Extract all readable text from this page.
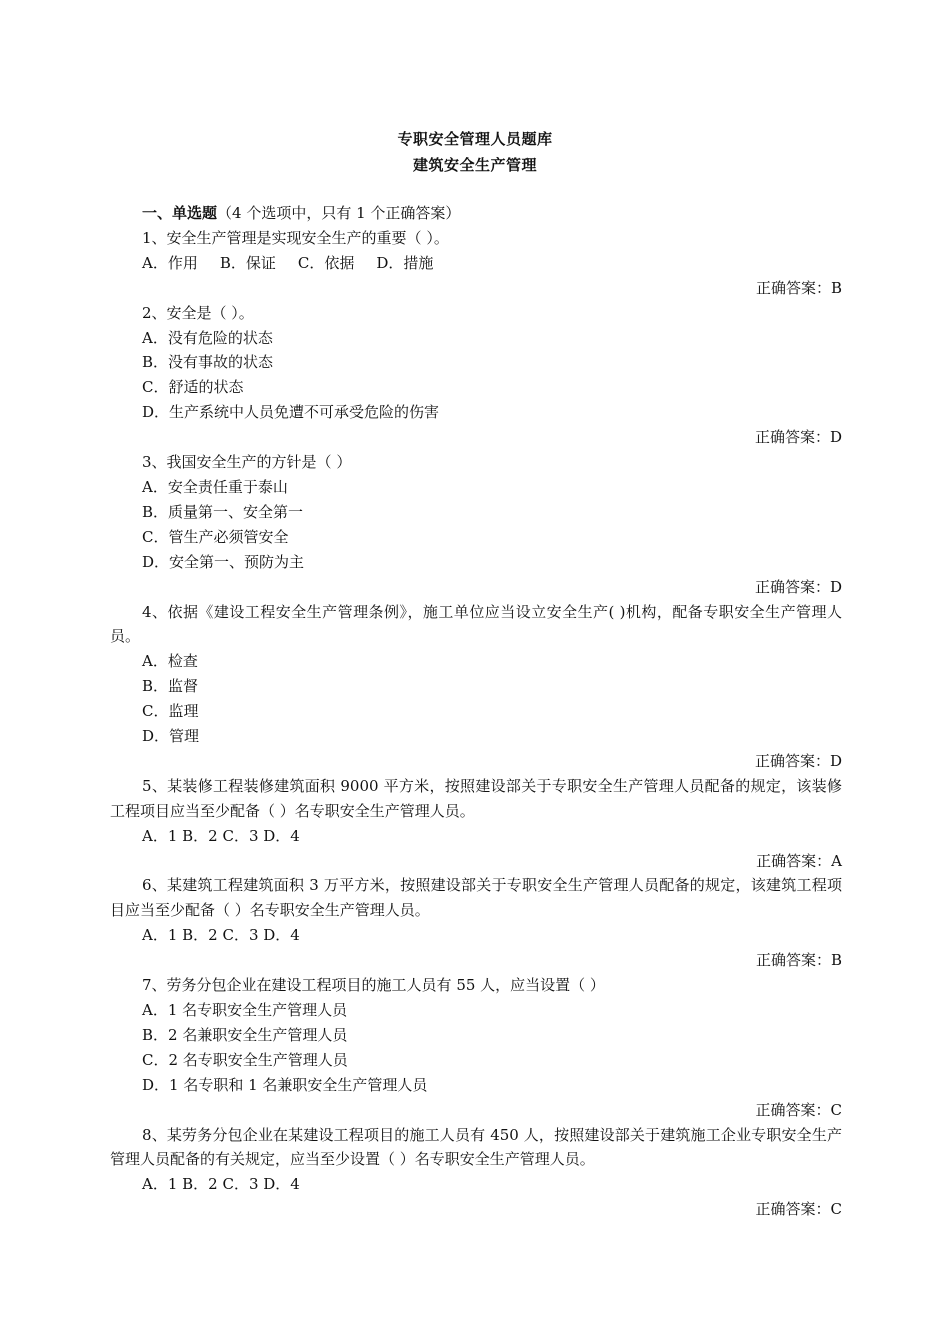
专职安全管理人员题库
建筑安全生产管理
一、单选题（4 个选项中，只有 1 个正确答案）
1、安全生产管理是实现安全生产的重要（ ）。
A．作用 B．保证 C．依据 D．措施
正确答案：B
2、安全是（ ）。
A．没有危险的状态
B．没有事故的状态
C．舒适的状态
D．生产系统中人员免遭不可承受危险的伤害
正确答案：D
3、我国安全生产的方针是（ ）
A．安全责任重于泰山
B．质量第一、安全第一
C．管生产必须管安全
D．安全第一、预防为主
正确答案：D
4、依据《建设工程安全生产管理条例》，施工单位应当设立安全生产( )机构，配备专职安全生产管理人员。
A．检查
B．监督
C．监理
D．管理
正确答案：D
5、某装修工程装修建筑面积 9000 平方米，按照建设部关于专职安全生产管理人员配备的规定，该装修工程项目应当至少配备（ ）名专职安全生产管理人员。
A．1 B．2 C．3 D．4
正确答案：A
6、某建筑工程建筑面积 3 万平方米，按照建设部关于专职安全生产管理人员配备的规定，该建筑工程项目应当至少配备（ ）名专职安全生产管理人员。
A．1 B．2 C．3 D．4
正确答案：B
7、劳务分包企业在建设工程项目的施工人员有 55 人，应当设置（ ）
A．1 名专职安全生产管理人员
B．2 名兼职安全生产管理人员
C．2 名专职安全生产管理人员
D．1 名专职和 1 名兼职安全生产管理人员
正确答案：C
8、某劳务分包企业在某建设工程项目的施工人员有 450 人，按照建设部关于建筑施工企业专职安全生产管理人员配备的有关规定，应当至少设置（ ）名专职安全生产管理人员。
A．1 B．2 C．3 D．4
正确答案：C
